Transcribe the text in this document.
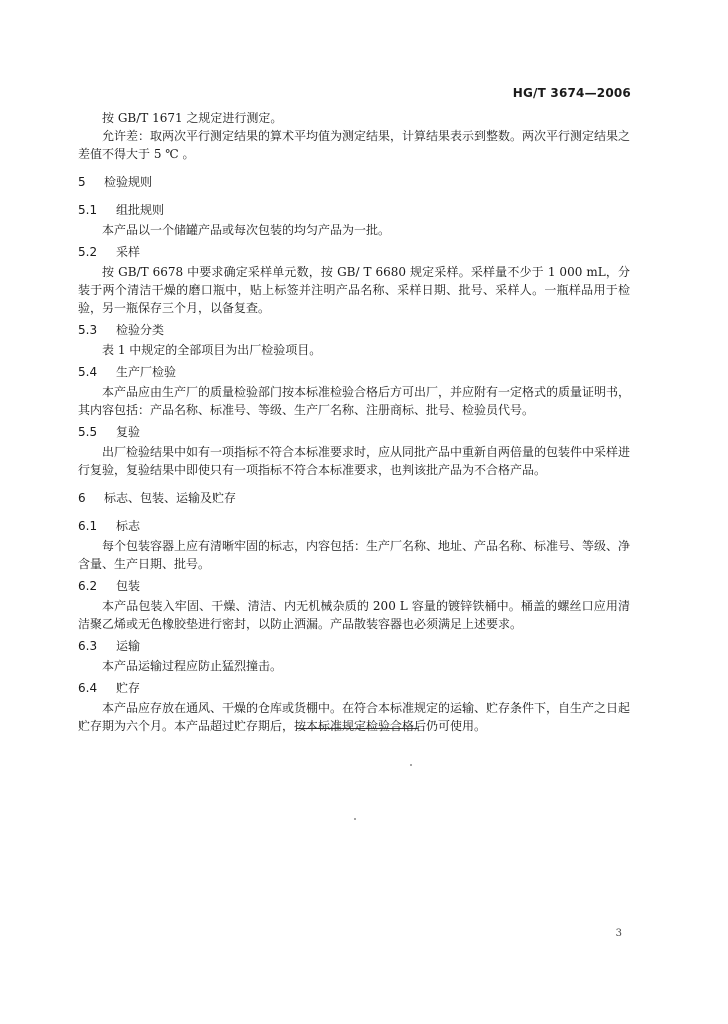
HG/T 3674—2006

按 GB/T 1671 之规定进行测定。

允许差：取两次平行测定结果的算术平均值为测定结果，计算结果表示到整数。两次平行测定结果之差值不得大于 5 ℃ 。

5 检验规则
5.1 组批规则

本产品以一个储罐产品或每次包装的均匀产品为一批。

5.2 采样

按 GB/T 6678 中要求确定采样单元数，按 GB/ T 6680 规定采样。采样量不少于 1 000 mL，分装于两个清洁干燥的磨口瓶中，贴上标签并注明产品名称、采样日期、批号、采样人。一瓶样品用于检验，另一瓶保存三个月，以备复查。

5.3 检验分类

表 1 中规定的全部项目为出厂检验项目。

5.4 生产厂检验

本产品应由生产厂的质量检验部门按本标准检验合格后方可出厂，并应附有一定格式的质量证明书，其内容包括：产品名称、标准号、等级、生产厂名称、注册商标、批号、检验员代号。

5.5 复验

出厂检验结果中如有一项指标不符合本标准要求时，应从同批产品中重新自两倍量的包装件中采样进行复验，复验结果中即使只有一项指标不符合本标准要求，也判该批产品为不合格产品。

6 标志、包装、运输及贮存
6.1 标志

每个包装容器上应有清晰牢固的标志，内容包括：生产厂名称、地址、产品名称、标准号、等级、净含量、生产日期、批号。

6.2 包装

本产品包装入牢固、干燥、清洁、内无机械杂质的 200 L 容量的镀锌铁桶中。桶盖的螺丝口应用清洁聚乙烯或无色橡胶垫进行密封，以防止洒漏。产品散装容器也必须满足上述要求。

6.3 运输

本产品运输过程应防止猛烈撞击。

6.4 贮存

本产品应存放在通风、干燥的仓库或货棚中。在符合本标准规定的运输、贮存条件下，自生产之日起贮存期为六个月。本产品超过贮存期后，按本标准规定检验合格后仍可使用。

3
